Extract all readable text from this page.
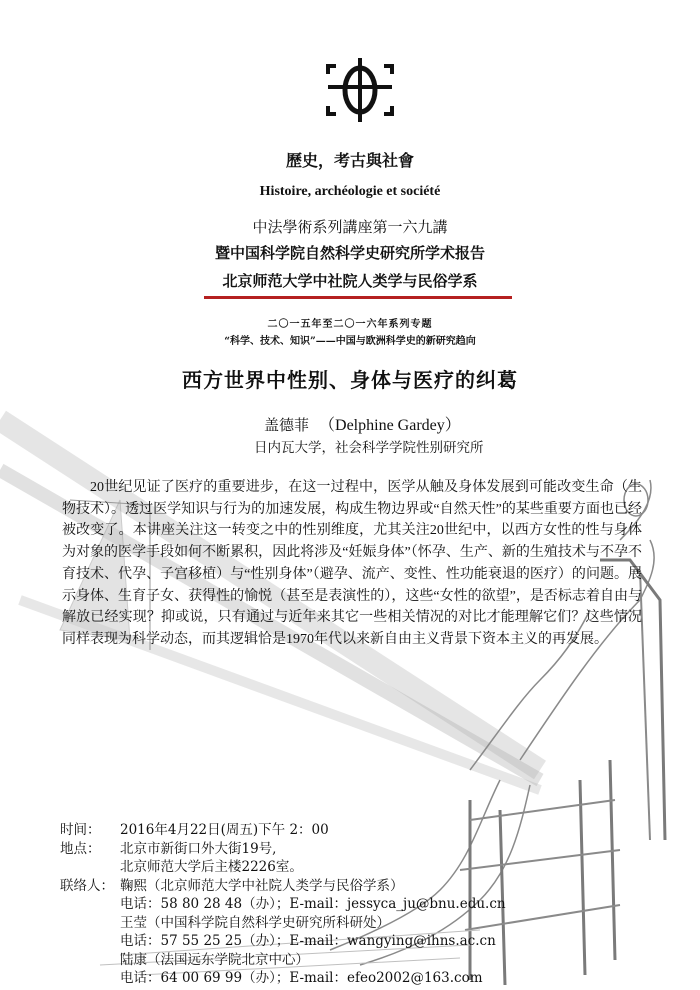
歷史，考古與社會
Histoire, archéologie et société
中法學術系列講座第一六九講
暨中国科学院自然科学史研究所学术报告
北京师范大学中社院人类学与民俗学系
二〇一五年至二〇一六年系列专题
“科学、技术、知识”——中国与欧洲科学史的新研究趋向
西方世界中性别、身体与医疗的纠葛
盖德菲 （Delphine Gardey）
日内瓦大学，社会科学学院性别研究所
20世纪见证了医疗的重要进步，在这一过程中，医学从触及身体发展到可能改变生命（生物技术）。透过医学知识与行为的加速发展，构成生物边界或“自然天性”的某些重要方面也已经被改变了。本讲座关注这一转变之中的性别维度，尤其关注20世纪中，以西方女性的性与身体为对象的医学手段如何不断累积，因此将涉及“妊娠身体”（怀孕、生产、新的生殖技术与不孕不育技术、代孕、子宫移植）与“性别身体”（避孕、流产、变性、性功能衰退的医疗）的问题。展示身体、生育子女、获得性的愉悦（甚至是表演性的），这些“女性的欲望”，是否标志着自由与解放已经实现？抑或说，只有通过与近年来其它一些相关情况的对比才能理解它们？这些情况同样表现为科学动态，而其逻辑恰是1970年代以来新自由主义背景下资本主义的再发展。
时间： 2016年4月22日(周五)下午 2：00
地点： 北京市新街口外大街19号,
北京师范大学后主楼2226室。
联络人： 鞠熙（北京师范大学中社院人类学与民俗学系）
电话：58 80 28 48（办）；E-mail：jessyca_ju@bnu.edu.cn
王莹（中国科学院自然科学史研究所科研处）
电话：57 55 25 25（办）；E-mail：wangying@ihns.ac.cn
陆康（法国远东学院北京中心）
电话：64 00 69 99（办）；E-mail：efeo2002@163.com
